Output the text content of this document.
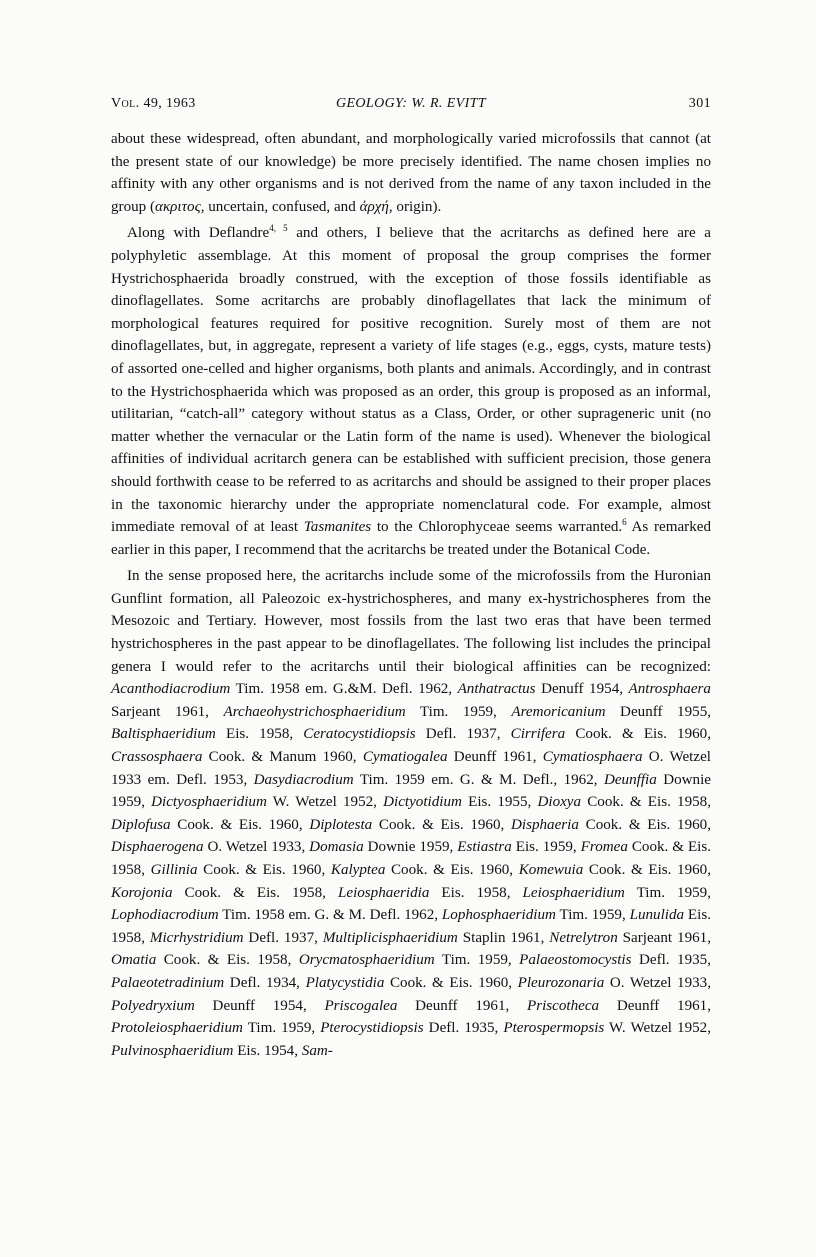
Vol. 49, 1963	GEOLOGY: W. R. EVITT	301

about these widespread, often abundant, and morphologically varied microfossils that cannot (at the present state of our knowledge) be more precisely identified. The name chosen implies no affinity with any other organisms and is not derived from the name of any taxon included in the group (ακριτος, uncertain, confused, and ἀρχή, origin).

Along with Deflandre$^{4, 5}$ and others, I believe that the acritarchs as defined here are a polyphyletic assemblage. At this moment of proposal the group comprises the former Hystrichosphaerida broadly construed, with the exception of those fossils identifiable as dinoflagellates. Some acritarchs are probably dinoflagellates that lack the minimum of morphological features required for positive recognition. Surely most of them are not dinoflagellates, but, in aggregate, represent a variety of life stages (e.g., eggs, cysts, mature tests) of assorted one-celled and higher organisms, both plants and animals. Accordingly, and in contrast to the Hystrichosphaerida which was proposed as an order, this group is proposed as an informal, utilitarian, “catch-all” category without status as a Class, Order, or other suprageneric unit (no matter whether the vernacular or the Latin form of the name is used). Whenever the biological affinities of individual acritarch genera can be established with sufficient precision, those genera should forthwith cease to be referred to as acritarchs and should be assigned to their proper places in the taxonomic hierarchy under the appropriate nomenclatural code. For example, almost immediate removal of at least Tasmanites to the Chlorophyceae seems warranted.$^6$ As remarked earlier in this paper, I recommend that the acritarchs be treated under the Botanical Code.

In the sense proposed here, the acritarchs include some of the microfossils from the Huronian Gunflint formation, all Paleozoic ex-hystrichospheres, and many ex-hystrichospheres from the Mesozoic and Tertiary. However, most fossils from the last two eras that have been termed hystrichospheres in the past appear to be dinoflagellates. The following list includes the principal genera I would refer to the acritarchs until their biological affinities can be recognized: Acanthodiacrodium Tim. 1958 em. G.&M. Defl. 1962, Anthatractus Denuff 1954, Antrosphaera Sarjeant 1961, Archaeohystrichosphaeridium Tim. 1959, Aremoricanium Deunff 1955, Baltisphaeridium Eis. 1958, Ceratocystidiopsis Defl. 1937, Cirrifera Cook. & Eis. 1960, Crassosphaera Cook. & Manum 1960, Cymatiogalea Deunff 1961, Cymatiosphaera O. Wetzel 1933 em. Defl. 1953, Dasydiacrodium Tim. 1959 em. G. & M. Defl., 1962, Deunffia Downie 1959, Dictyosphaeridium W. Wetzel 1952, Dictyotidium Eis. 1955, Dioxya Cook. & Eis. 1958, Diplofusa Cook. & Eis. 1960, Diplotesta Cook. & Eis. 1960, Disphaeria Cook. & Eis. 1960, Disphaerogena O. Wetzel 1933, Domasia Downie 1959, Estiastra Eis. 1959, Fromea Cook. & Eis. 1958, Gillinia Cook. & Eis. 1960, Kalyptea Cook. & Eis. 1960, Komewuia Cook. & Eis. 1960, Korojonia Cook. & Eis. 1958, Leiosphaeridia Eis. 1958, Leiosphaeridium Tim. 1959, Lophodiacrodium Tim. 1958 em. G. & M. Defl. 1962, Lophosphaeridium Tim. 1959, Lunulida Eis. 1958, Micrhystridium Defl. 1937, Multiplicisphaeridium Staplin 1961, Netrelytron Sarjeant 1961, Omatia Cook. & Eis. 1958, Orycmatosphaeridium Tim. 1959, Palaeostomocystis Defl. 1935, Palaeotetradinium Defl. 1934, Platycystidia Cook. & Eis. 1960, Pleurozonaria O. Wetzel 1933, Polyedryxium Deunff 1954, Priscogalea Deunff 1961, Priscotheca Deunff 1961, Protoleiosphaeridium Tim. 1959, Pterocystidiopsis Defl. 1935, Pterospermopsis W. Wetzel 1952, Pulvinosphaeridium Eis. 1954, Sam-
